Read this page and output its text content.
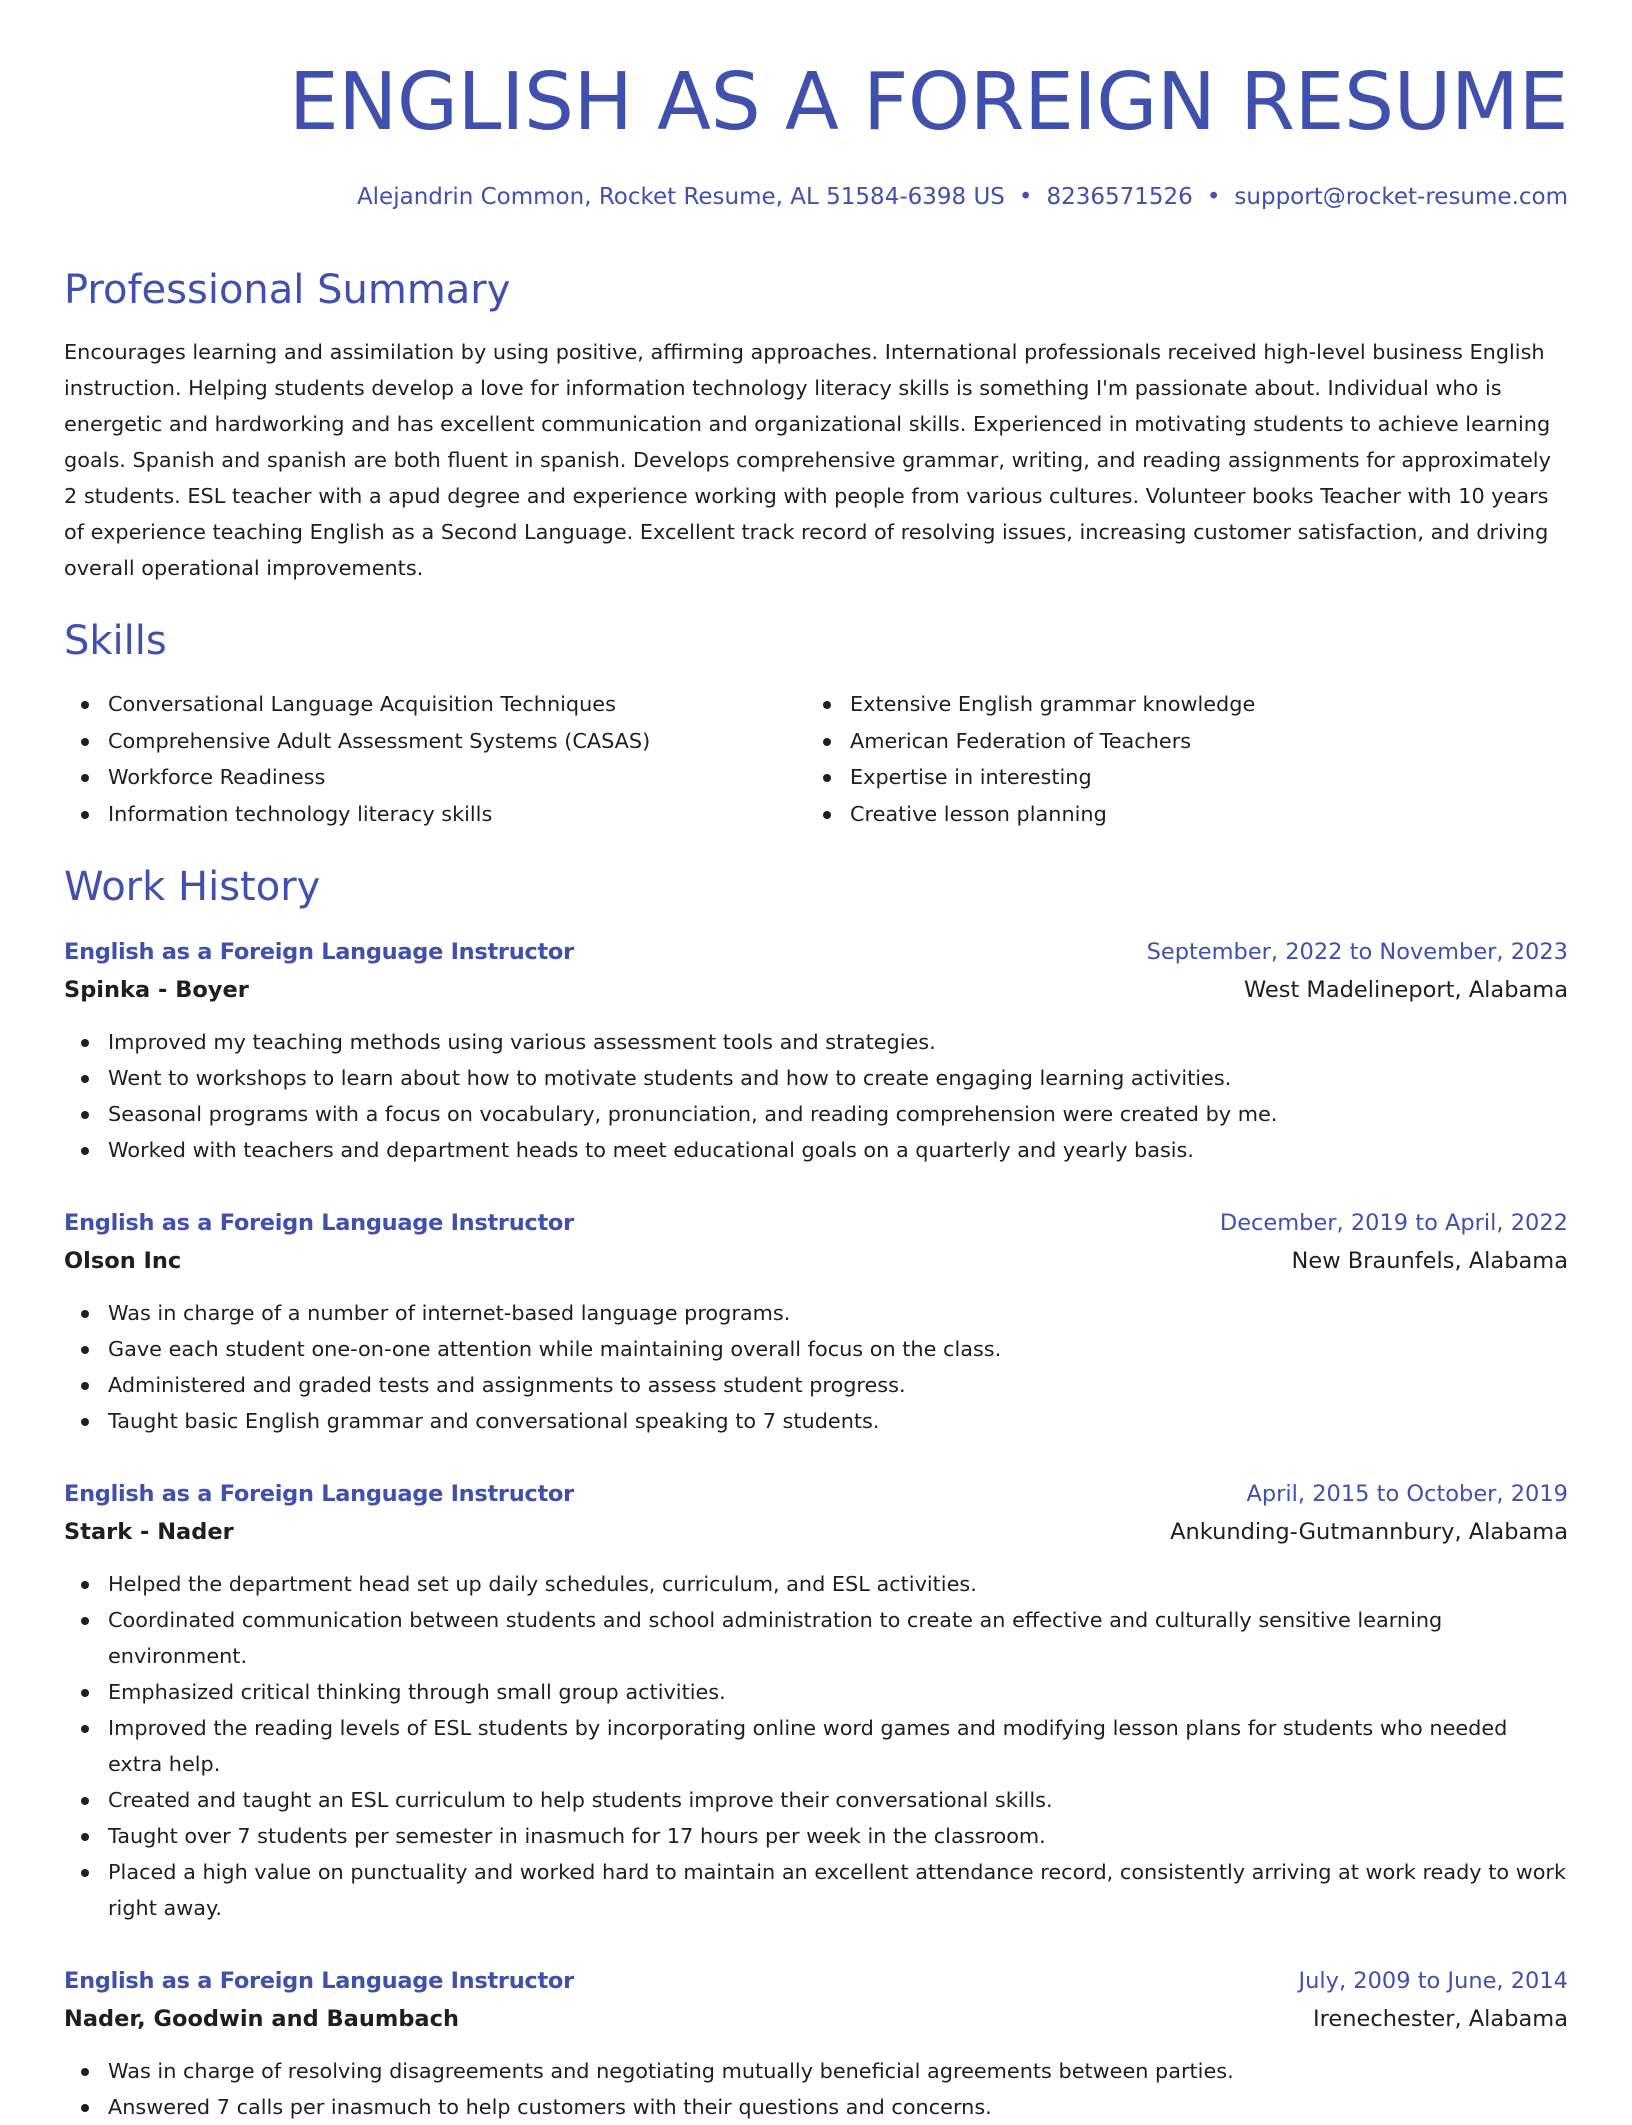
ENGLISH AS A FOREIGN RESUME
Alejandrin Common, Rocket Resume, AL 51584-6398 US • 8236571526 • support@rocket-resume.com
Professional Summary

Encourages learning and assimilation by using positive, affirming approaches. International professionals received high-level business English instruction. Helping students develop a love for information technology literacy skills is something I'm passionate about. Individual who is energetic and hardworking and has excellent communication and organizational skills. Experienced in motivating students to achieve learning goals. Spanish and spanish are both fluent in spanish. Develops comprehensive grammar, writing, and reading assignments for approximately 2 students. ESL teacher with a apud degree and experience working with people from various cultures. Volunteer books Teacher with 10 years of experience teaching English as a Second Language. Excellent track record of resolving issues, increasing customer satisfaction, and driving overall operational improvements.

Skills
Conversational Language Acquisition Techniques
Comprehensive Adult Assessment Systems (CASAS)
Workforce Readiness
Information technology literacy skills
Extensive English grammar knowledge
American Federation of Teachers
Expertise in interesting
Creative lesson planning
Work History
English as a Foreign Language Instructor	September, 2022 to November, 2023
Spinka - Boyer	West Madelineport, Alabama
Improved my teaching methods using various assessment tools and strategies.
Went to workshops to learn about how to motivate students and how to create engaging learning activities.
Seasonal programs with a focus on vocabulary, pronunciation, and reading comprehension were created by me.
Worked with teachers and department heads to meet educational goals on a quarterly and yearly basis.
English as a Foreign Language Instructor	December, 2019 to April, 2022
Olson Inc	New Braunfels, Alabama
Was in charge of a number of internet-based language programs.
Gave each student one-on-one attention while maintaining overall focus on the class.
Administered and graded tests and assignments to assess student progress.
Taught basic English grammar and conversational speaking to 7 students.
English as a Foreign Language Instructor	April, 2015 to October, 2019
Stark - Nader	Ankunding-Gutmannbury, Alabama
Helped the department head set up daily schedules, curriculum, and ESL activities.
Coordinated communication between students and school administration to create an effective and culturally sensitive learning environment.
Emphasized critical thinking through small group activities.
Improved the reading levels of ESL students by incorporating online word games and modifying lesson plans for students who needed extra help.
Created and taught an ESL curriculum to help students improve their conversational skills.
Taught over 7 students per semester in inasmuch for 17 hours per week in the classroom.
Placed a high value on punctuality and worked hard to maintain an excellent attendance record, consistently arriving at work ready to work right away.
English as a Foreign Language Instructor	July, 2009 to June, 2014
Nader, Goodwin and Baumbach	Irenechester, Alabama
Was in charge of resolving disagreements and negotiating mutually beneficial agreements between parties.
Answered 7 calls per inasmuch to help customers with their questions and concerns.
